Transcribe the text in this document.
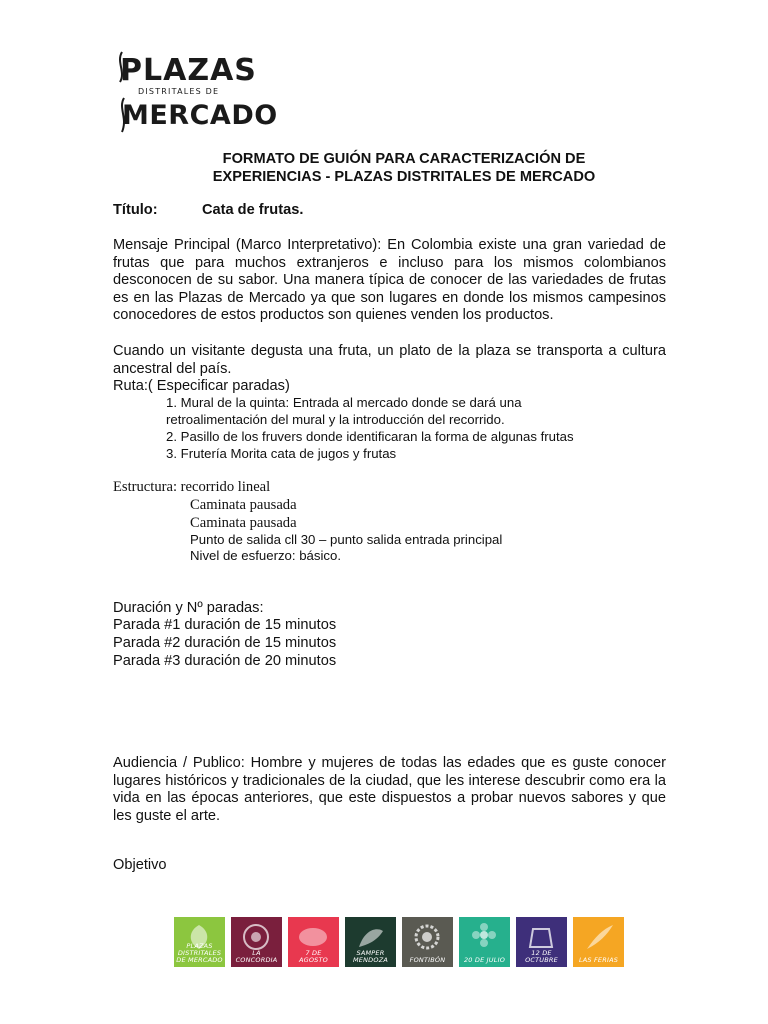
PLAZAS
DISTRITALES DE
MERCADO
FORMATO DE GUIÓN PARA CARACTERIZACIÓN DE
EXPERIENCIAS - PLAZAS DISTRITALES DE MERCADO
Título:	Cata de frutas.
Mensaje Principal (Marco Interpretativo): En Colombia existe una gran variedad de frutas que para muchos extranjeros e incluso para los mismos colombianos desconocen de su sabor. Una manera típica de conocer de las variedades de frutas es en las Plazas de Mercado ya que son lugares en donde los mismos campesinos conocedores de estos productos son quienes venden los productos.
Cuando un visitante degusta una fruta, un plato de la plaza se transporta a cultura ancestral del país.
Ruta:( Especificar paradas)
1. Mural de la quinta: Entrada al mercado donde se dará una
retroalimentación del mural y la introducción del recorrido.
2. Pasillo de los fruvers donde identificaran la forma de algunas frutas
3. Frutería Morita cata de jugos y frutas
Estructura: recorrido lineal
Caminata pausada
Caminata pausada
Punto de salida cll 30 – punto salida entrada principal
Nivel de esfuerzo: básico.
Duración y Nº paradas:
Parada #1 duración de 15 minutos
Parada #2 duración de 15 minutos
Parada #3 duración de 20 minutos
Audiencia / Publico: Hombre y mujeres de todas las edades que es guste conocer lugares históricos y tradicionales de la ciudad, que les interese descubrir como era la vida en las épocas anteriores, que este dispuestos a probar nuevos sabores y que les guste el arte.
Objetivo
PLAZAS DISTRITALES DE MERCADO
LA CONCORDIA
7 DE AGOSTO
SAMPER MENDOZA	FONTIBÓN	20 DE JULIO
12 DE OCTUBRE	LAS FERIAS
